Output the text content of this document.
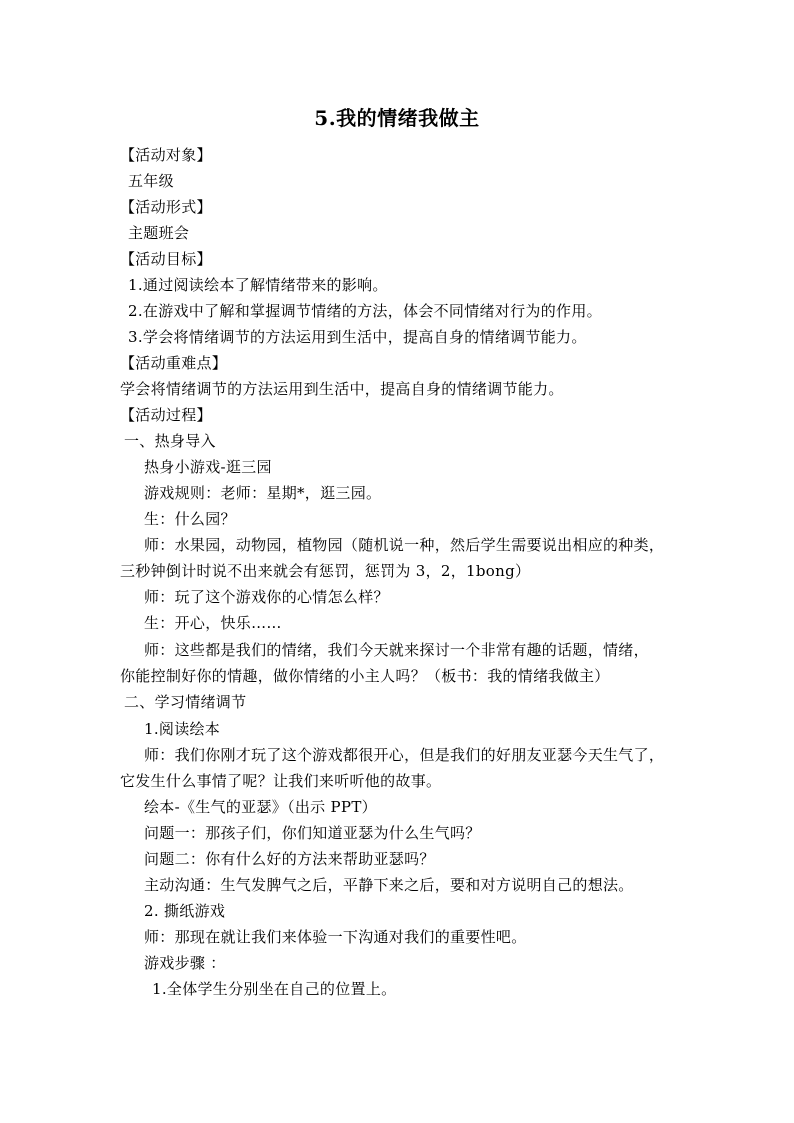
5.我的情绪我做主
【活动对象】
五年级
【活动形式】
主题班会
【活动目标】
1.通过阅读绘本了解情绪带来的影响。
2.在游戏中了解和掌握调节情绪的方法，体会不同情绪对行为的作用。
3.学会将情绪调节的方法运用到生活中，提高自身的情绪调节能力。
【活动重难点】
学会将情绪调节的方法运用到生活中，提高自身的情绪调节能力。
【活动过程】
一、热身导入
热身小游戏-逛三园
游戏规则：老师：星期*，逛三园。
生：什么园？
师：水果园，动物园，植物园（随机说一种，然后学生需要说出相应的种类，
三秒钟倒计时说不出来就会有惩罚，惩罚为 3，2，1bong）
师：玩了这个游戏你的心情怎么样？
生：开心，快乐……
师：这些都是我们的情绪，我们今天就来探讨一个非常有趣的话题，情绪，
你能控制好你的情趣，做你情绪的小主人吗？（板书：我的情绪我做主）
二、学习情绪调节
1.阅读绘本
师：我们你刚才玩了这个游戏都很开心，但是我们的好朋友亚瑟今天生气了，
它发生什么事情了呢？让我们来听听他的故事。
绘本-《生气的亚瑟》（出示 PPT）
问题一：那孩子们，你们知道亚瑟为什么生气吗？
问题二：你有什么好的方法来帮助亚瑟吗？
主动沟通：生气发脾气之后，平静下来之后，要和对方说明自己的想法。
2. 撕纸游戏
师：那现在就让我们来体验一下沟通对我们的重要性吧。
游戏步骤 ：
1.全体学生分别坐在自己的位置上。
